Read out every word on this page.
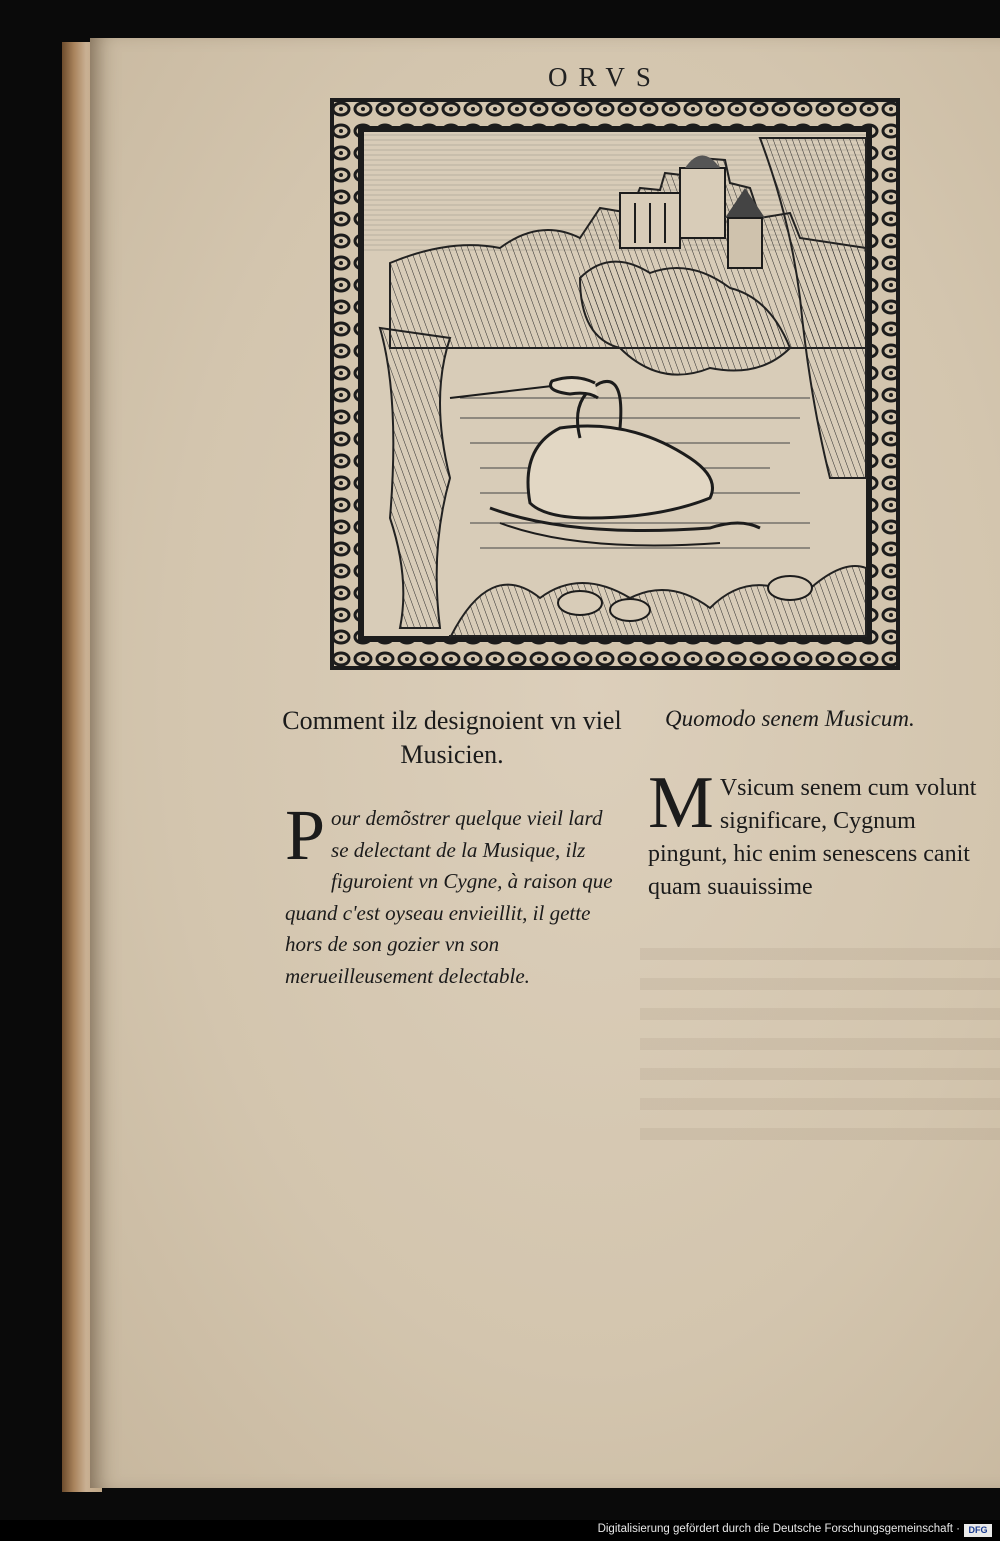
ORVS
Comment ilz designoient vn viel Musicien.
Quomodo senem Musicum.
P our demõstrer quelque vieil lard se delectant de la Musique, ilz figuroient vn Cygne, à raison que quand c'est oyseau envieillit, il gette hors de son gozier vn son merueilleusement delectable.
M Vsicum senem cum volunt significare, Cygnum pingunt, hic enim senescens canit quam suauissime
Digitalisierung gefördert durch die Deutsche Forschungsgemeinschaft · DFG
